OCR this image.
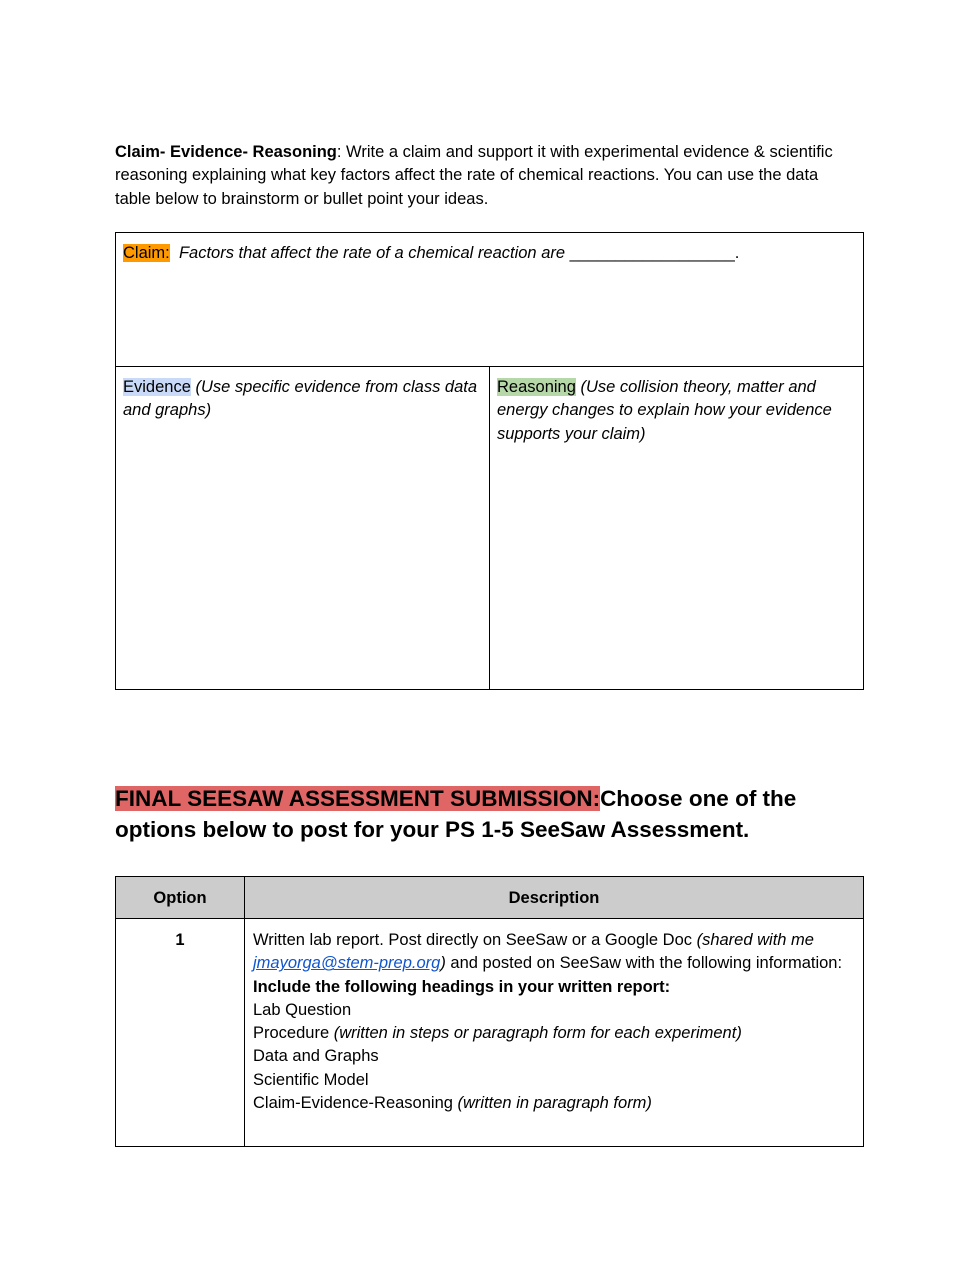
Claim- Evidence- Reasoning: Write a claim and support it with experimental evidence & scientific reasoning explaining what key factors affect the rate of chemical reactions. You can use the data table below to brainstorm or bullet point your ideas.
Claim: Factors that affect the rate of a chemical reaction are __________________.
Evidence (Use specific evidence from class data and graphs)
Reasoning (Use collision theory, matter and energy changes to explain how your evidence supports your claim)
FINAL SEESAW ASSESSMENT SUBMISSION:Choose one of the options below to post for your PS 1-5 SeeSaw Assessment.
Option	Description
1	Written lab report. Post directly on SeeSaw or a Google Doc (shared with me jmayorga@stem-prep.org) and posted on SeeSaw with the following information:
Include the following headings in your written report:
Lab Question
Procedure (written in steps or paragraph form for each experiment)
Data and Graphs
Scientific Model
Claim-Evidence-Reasoning (written in paragraph form)
